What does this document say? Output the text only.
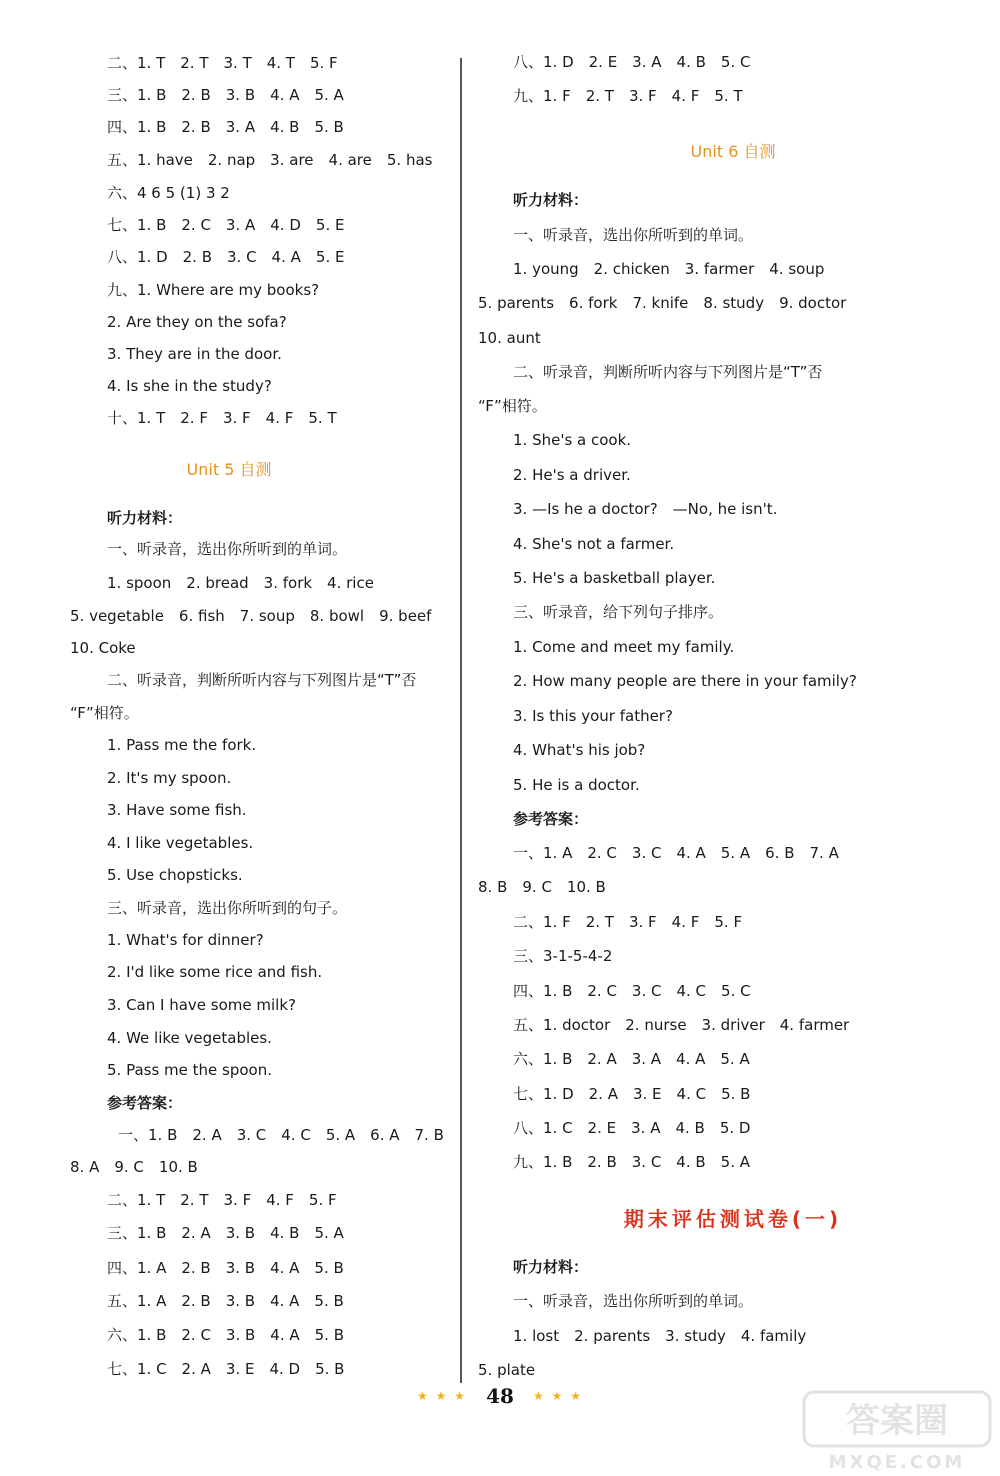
二、1. T　2. T　3. T　4. T　5. F
三、1. B　2. B　3. B　4. A　5. A
四、1. B　2. B　3. A　4. B　5. B
五、1. have　2. nap　3. are　4. are　5. has
六、4 6 5 (1) 3 2
七、1. B　2. C　3. A　4. D　5. E
八、1. D　2. B　3. C　4. A　5. E
九、1. Where are my books?
2. Are they on the sofa?
3. They are in the door.
4. Is she in the study?
十、1. T　2. F　3. F　4. F　5. T
Unit 5 自测
听力材料：
一、听录音，选出你所听到的单词。
1. spoon　2. bread　3. fork　4. rice
5. vegetable　6. fish　7. soup　8. bowl　9. beef
10. Coke
二、听录音，判断所听内容与下列图片是“T”否
“F”相符。
1. Pass me the fork.
2. It's my spoon.
3. Have some fish.
4. I like vegetables.
5. Use chopsticks.
三、听录音，选出你所听到的句子。
1. What's for dinner?
2. I'd like some rice and fish.
3. Can I have some milk?
4. We like vegetables.
5. Pass me the spoon.
参考答案：
一、1. B　2. A　3. C　4. C　5. A　6. A　7. B
8. A　9. C　10. B
二、1. T　2. T　3. F　4. F　5. F
三、1. B　2. A　3. B　4. B　5. A
四、1. A　2. B　3. B　4. A　5. B
五、1. A　2. B　3. B　4. A　5. B
六、1. B　2. C　3. B　4. A　5. B
七、1. C　2. A　3. E　4. D　5. B
八、1. D　2. E　3. A　4. B　5. C
九、1. F　2. T　3. F　4. F　5. T
Unit 6 自测
听力材料：
一、听录音，选出你所听到的单词。
1. young　2. chicken　3. farmer　4. soup
5. parents　6. fork　7. knife　8. study　9. doctor
10. aunt
二、听录音，判断所听内容与下列图片是“T”否
“F”相符。
1. She's a cook.
2. He's a driver.
3. —Is he a doctor?　—No, he isn't.
4. She's not a farmer.
5. He's a basketball player.
三、听录音，给下列句子排序。
1. Come and meet my family.
2. How many people are there in your family?
3. Is this your father?
4. What's his job?
5. He is a doctor.
参考答案：
一、1. A　2. C　3. C　4. A　5. A　6. B　7. A
8. B　9. C　10. B
二、1. F　2. T　3. F　4. F　5. F
三、3-1-5-4-2
四、1. B　2. C　3. C　4. C　5. C
五、1. doctor　2. nurse　3. driver　4. farmer
六、1. B　2. A　3. A　4. A　5. A
七、1. D　2. A　3. E　4. C　5. B
八、1. C　2. E　3. A　4. B　5. D
九、1. B　2. B　3. C　4. B　5. A
期末评估测试卷(一)
听力材料：
一、听录音，选出你所听到的单词。
1. lost　2. parents　3. study　4. family
5. plate
★ ★ ★ 48 ★ ★ ★
答案圈
MXQE.COM
